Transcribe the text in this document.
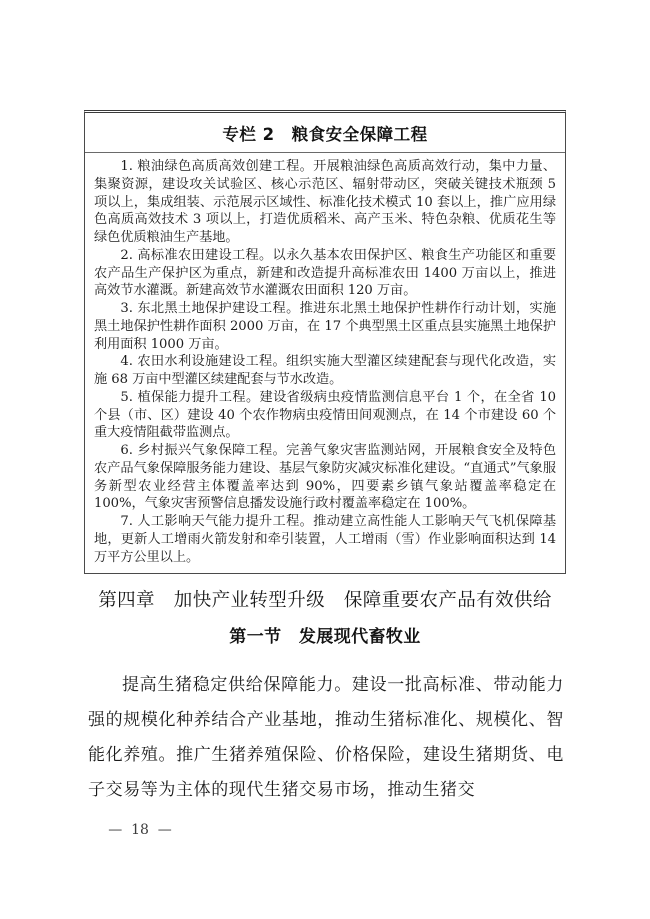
专栏 2　粮食安全保障工程

1. 粮油绿色高质高效创建工程。开展粮油绿色高质高效行动，集中力量、集聚资源，建设攻关试验区、核心示范区、辐射带动区，突破关键技术瓶颈 5 项以上，集成组装、示范展示区域性、标准化技术模式 10 套以上，推广应用绿色高质高效技术 3 项以上，打造优质稻米、高产玉米、特色杂粮、优质花生等绿色优质粮油生产基地。

2. 高标准农田建设工程。以永久基本农田保护区、粮食生产功能区和重要农产品生产保护区为重点，新建和改造提升高标准农田 1400 万亩以上，推进高效节水灌溉。新建高效节水灌溉农田面积 120 万亩。

3. 东北黑土地保护建设工程。推进东北黑土地保护性耕作行动计划，实施黑土地保护性耕作面积 2000 万亩，在 17 个典型黑土区重点县实施黑土地保护利用面积 1000 万亩。

4. 农田水利设施建设工程。组织实施大型灌区续建配套与现代化改造，实施 68 万亩中型灌区续建配套与节水改造。

5. 植保能力提升工程。建设省级病虫疫情监测信息平台 1 个，在全省 10 个县（市、区）建设 40 个农作物病虫疫情田间观测点，在 14 个市建设 60 个重大疫情阻截带监测点。

6. 乡村振兴气象保障工程。完善气象灾害监测站网，开展粮食安全及特色农产品气象保障服务能力建设、基层气象防灾减灾标准化建设。“直通式”气象服务新型农业经营主体覆盖率达到 90%，四要素乡镇气象站覆盖率稳定在 100%，气象灾害预警信息播发设施行政村覆盖率稳定在 100%。

7. 人工影响天气能力提升工程。推动建立高性能人工影响天气飞机保障基地，更新人工增雨火箭发射和牵引装置，人工增雨（雪）作业影响面积达到 14 万平方公里以上。

第四章　加快产业转型升级　保障重要农产品有效供给
第一节　发展现代畜牧业
提高生猪稳定供给保障能力。建设一批高标准、带动能力强的规模化种养结合产业基地，推动生猪标准化、规模化、智能化养殖。推广生猪养殖保险、价格保险，建设生猪期货、电子交易等为主体的现代生猪交易市场，推动生猪交
—  18  —
